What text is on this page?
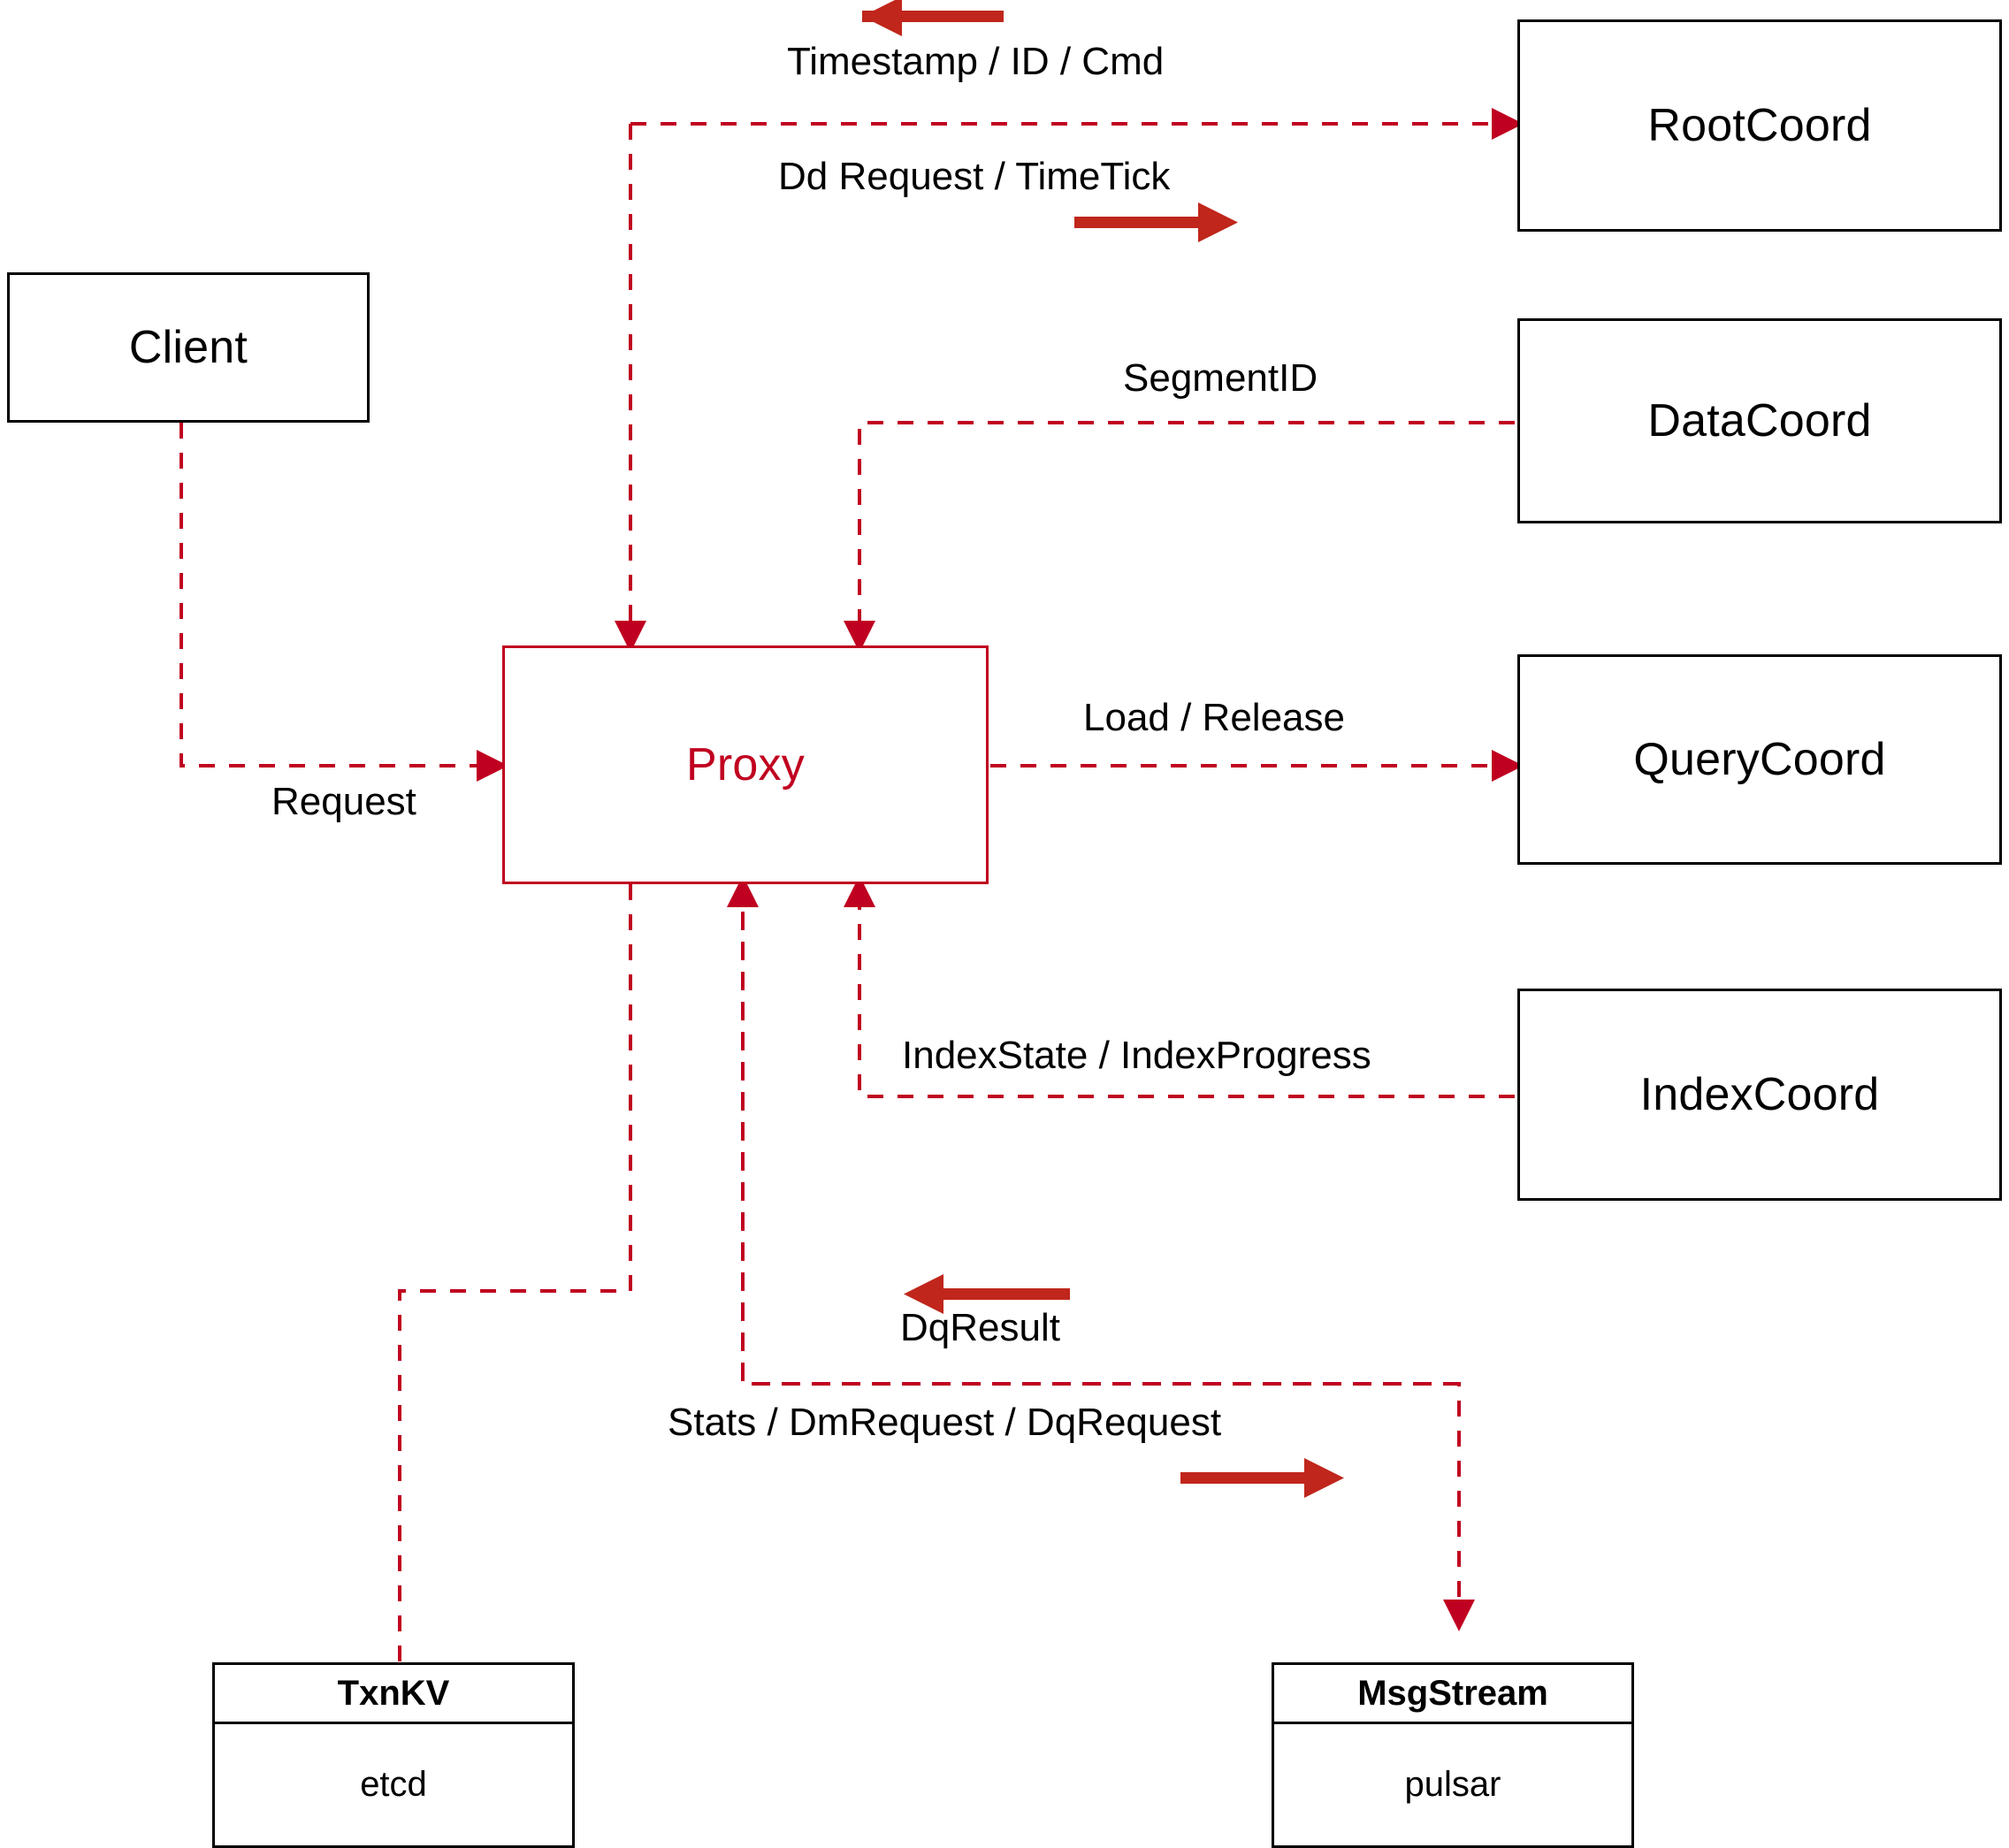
Client
Proxy
RootCoord
DataCoord
QueryCoord
IndexCoord
TxnKV
etcd
MsgStream
pulsar
Timestamp / ID / Cmd
Dd Request / TimeTick
SegmentID
Request
Load / Release
IndexState / IndexProgress
DqResult
Stats / DmRequest / DqRequest
